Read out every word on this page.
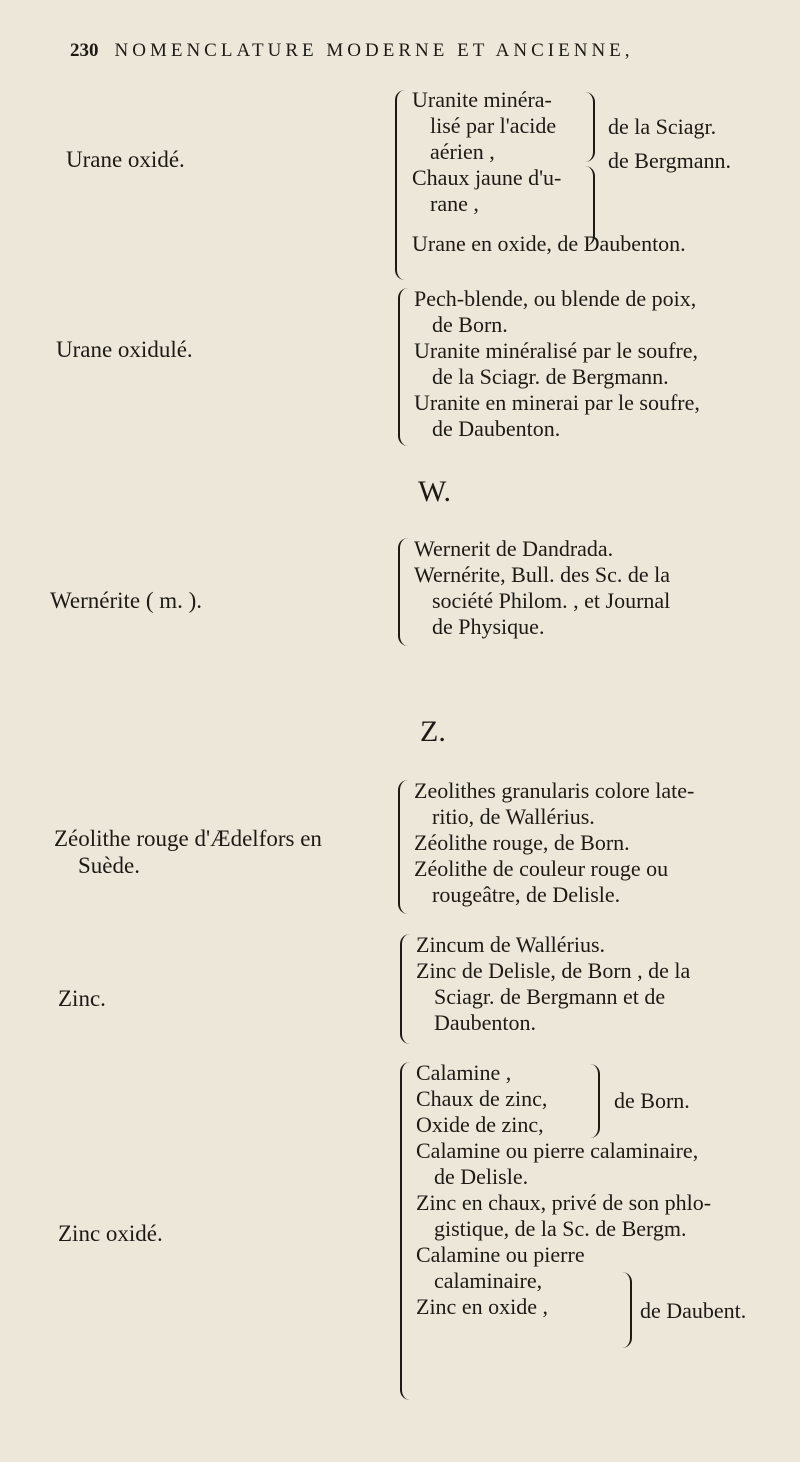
230 NOMENCLATURE MODERNE ET ANCIENNE,
Urane oxidé.
Uranite minéra-
lisé par l'acide
aérien ,
Chaux jaune d'u-
rane ,
Urane en oxide, de Daubenton.
de la Sciagr.
de Bergmann.
Urane oxidulé.
Pech-blende, ou blende de poix,
de Born.
Uranite minéralisé par le soufre,
de la Sciagr. de Bergmann.
Uranite en minerai par le soufre,
de Daubenton.
W.
Wernérite ( m. ).
Wernerit de Dandrada.
Wernérite, Bull. des Sc. de la
société Philom. , et Journal
de Physique.
Z.
Zéolithe rouge d'Ædelfors en
Suède.
Zeolithes granularis colore late-
ritio, de Wallérius.
Zéolithe rouge, de Born.
Zéolithe de couleur rouge ou
rougeâtre, de Delisle.
Zinc.
Zincum de Wallérius.
Zinc de Delisle, de Born , de la
Sciagr. de Bergmann et de
Daubenton.
Zinc oxidé.
Calamine ,
Chaux de zinc,
Oxide de zinc,
Calamine ou pierre calaminaire,
de Delisle.
Zinc en chaux, privé de son phlo-
gistique, de la Sc. de Bergm.
Calamine ou pierre
calaminaire,
Zinc en oxide ,
de Born.
de Daubent.
